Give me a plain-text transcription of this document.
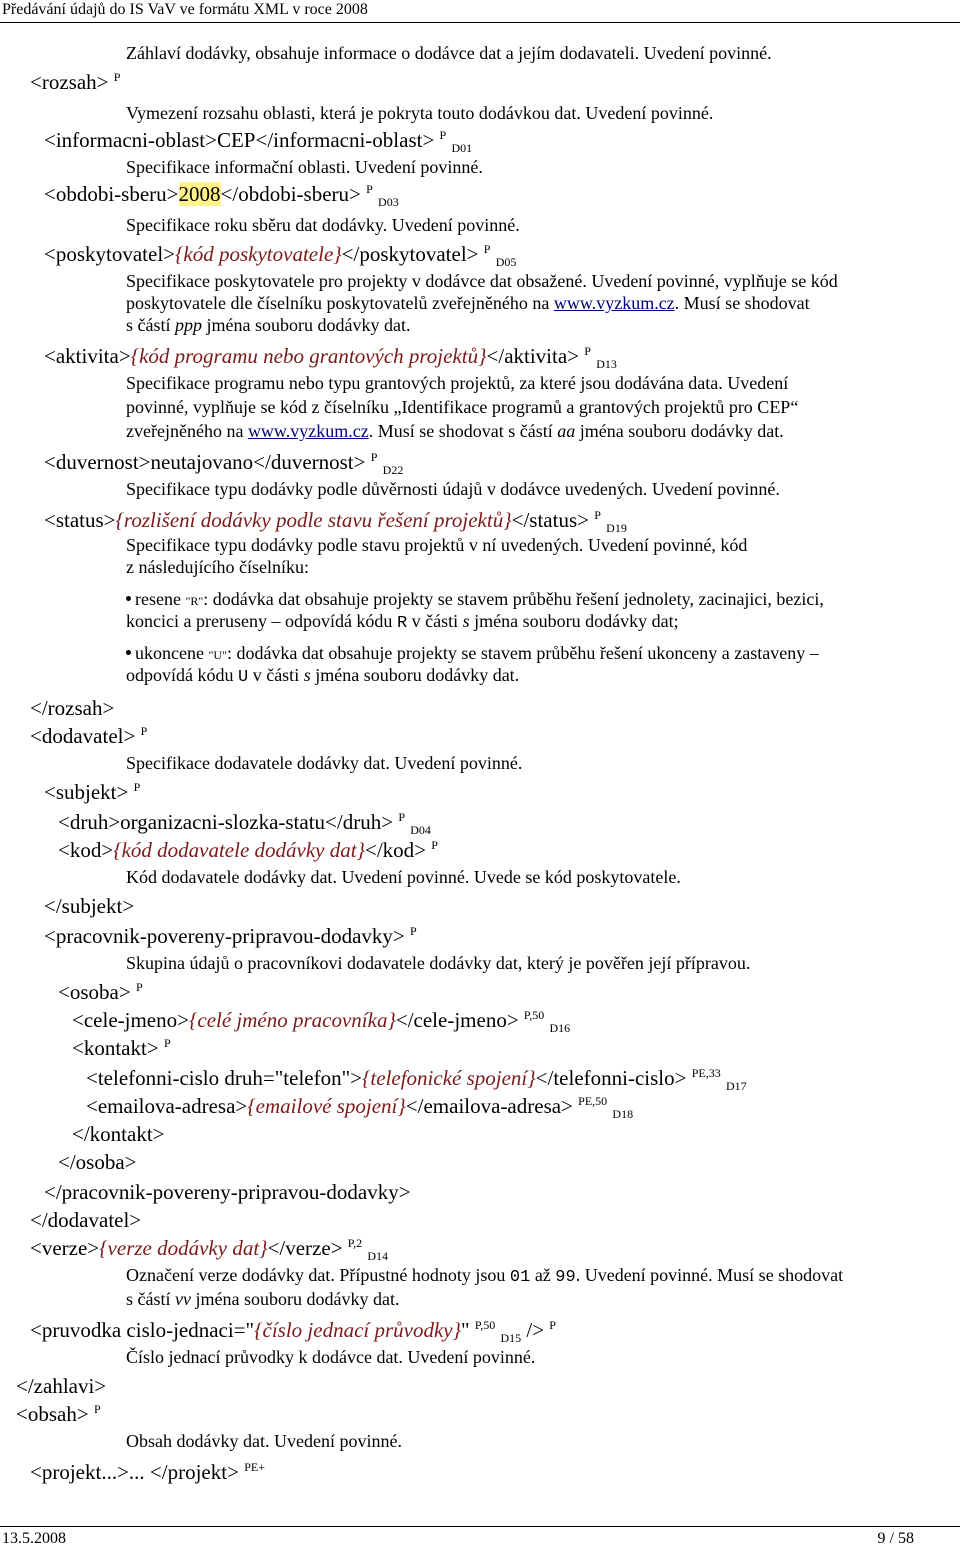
Předávání údajů do IS VaV ve formátu XML v roce 2008
Záhlaví dodávky, obsahuje informace o dodávce dat a jejím dodavateli. Uvedení povinné.
<rozsah> $^P$
Vymezení rozsahu oblasti, která je pokryta touto dodávkou dat. Uvedení povinné.
<informacni-oblast>CEP</informacni-oblast> $^P$ $_{D01}$
Specifikace informační oblasti. Uvedení povinné.
<obdobi-sberu>2008</obdobi-sberu> $^P$ $_{D03}$
Specifikace roku sběru dat dodávky. Uvedení povinné.
<poskytovatel>{kód poskytovatele}</poskytovatel> $^P$ $_{D05}$
Specifikace poskytovatele pro projekty v dodávce dat obsažené. Uvedení povinné, vyplňuje se kód
poskytovatele dle číselníku poskytovatelů zveřejněného na www.vyzkum.cz. Musí se shodovat
s částí ppp jména souboru dodávky dat.
<aktivita>{kód programu nebo grantových projektů}</aktivita> $^P$ $_{D13}$
Specifikace programu nebo typu grantových projektů, za které jsou dodávána data. Uvedení
povinné, vyplňuje se kód z číselníku „Identifikace programů a grantových projektů pro CEP“
zveřejněného na www.vyzkum.cz. Musí se shodovat s částí aa jména souboru dodávky dat.
<duvernost>neutajovano</duvernost> $^P$ $_{D22}$
Specifikace typu dodávky podle důvěrnosti údajů v dodávce uvedených. Uvedení povinné.
<status>{rozlišení dodávky podle stavu řešení projektů}</status> $^P$ $_{D19}$
Specifikace typu dodávky podle stavu projektů v ní uvedených. Uvedení povinné, kód
z následujícího číselníku:
resene "R": dodávka dat obsahuje projekty se stavem průběhu řešení jednolety, zacinajici, bezici,
koncici a preruseny – odpovídá kódu R v části s jména souboru dodávky dat;
ukoncene "U": dodávka dat obsahuje projekty se stavem průběhu řešení ukonceny a zastaveny –
odpovídá kódu U v části s jména souboru dodávky dat.
</rozsah>
<dodavatel> $^P$
Specifikace dodavatele dodávky dat. Uvedení povinné.
<subjekt> $^P$
<druh>organizacni-slozka-statu</druh> $^P$ $_{D04}$
<kod>{kód dodavatele dodávky dat}</kod> $^P$
Kód dodavatele dodávky dat. Uvedení povinné. Uvede se kód poskytovatele.
</subjekt>
<pracovnik-povereny-pripravou-dodavky> $^P$
Skupina údajů o pracovníkovi dodavatele dodávky dat, který je pověřen její přípravou.
<osoba> $^P$
<cele-jmeno>{celé jméno pracovníka}</cele-jmeno> $^{P,50}$ $_{D16}$
<kontakt> $^P$
<telefonni-cislo druh="telefon">{telefonické spojení}</telefonni-cislo> $^{PE,33}$ $_{D17}$
<emailova-adresa>{emailové spojení}</emailova-adresa> $^{PE,50}$ $_{D18}$
</kontakt>
</osoba>
</pracovnik-povereny-pripravou-dodavky>
</dodavatel>
<verze>{verze dodávky dat}</verze> $^{P,2}$ $_{D14}$
Označení verze dodávky dat. Přípustné hodnoty jsou 01 až 99. Uvedení povinné. Musí se shodovat
s částí vv jména souboru dodávky dat.
<pruvodka cislo-jednaci="{číslo jednací průvodky}" $^{P,50}$ $_{D15}$ /> $^P$
Číslo jednací průvodky k dodávce dat. Uvedení povinné.
</zahlavi>
<obsah> $^P$
Obsah dodávky dat. Uvedení povinné.
<projekt...>... </projekt> $^{PE+}$
13.5.2008	9 / 58
